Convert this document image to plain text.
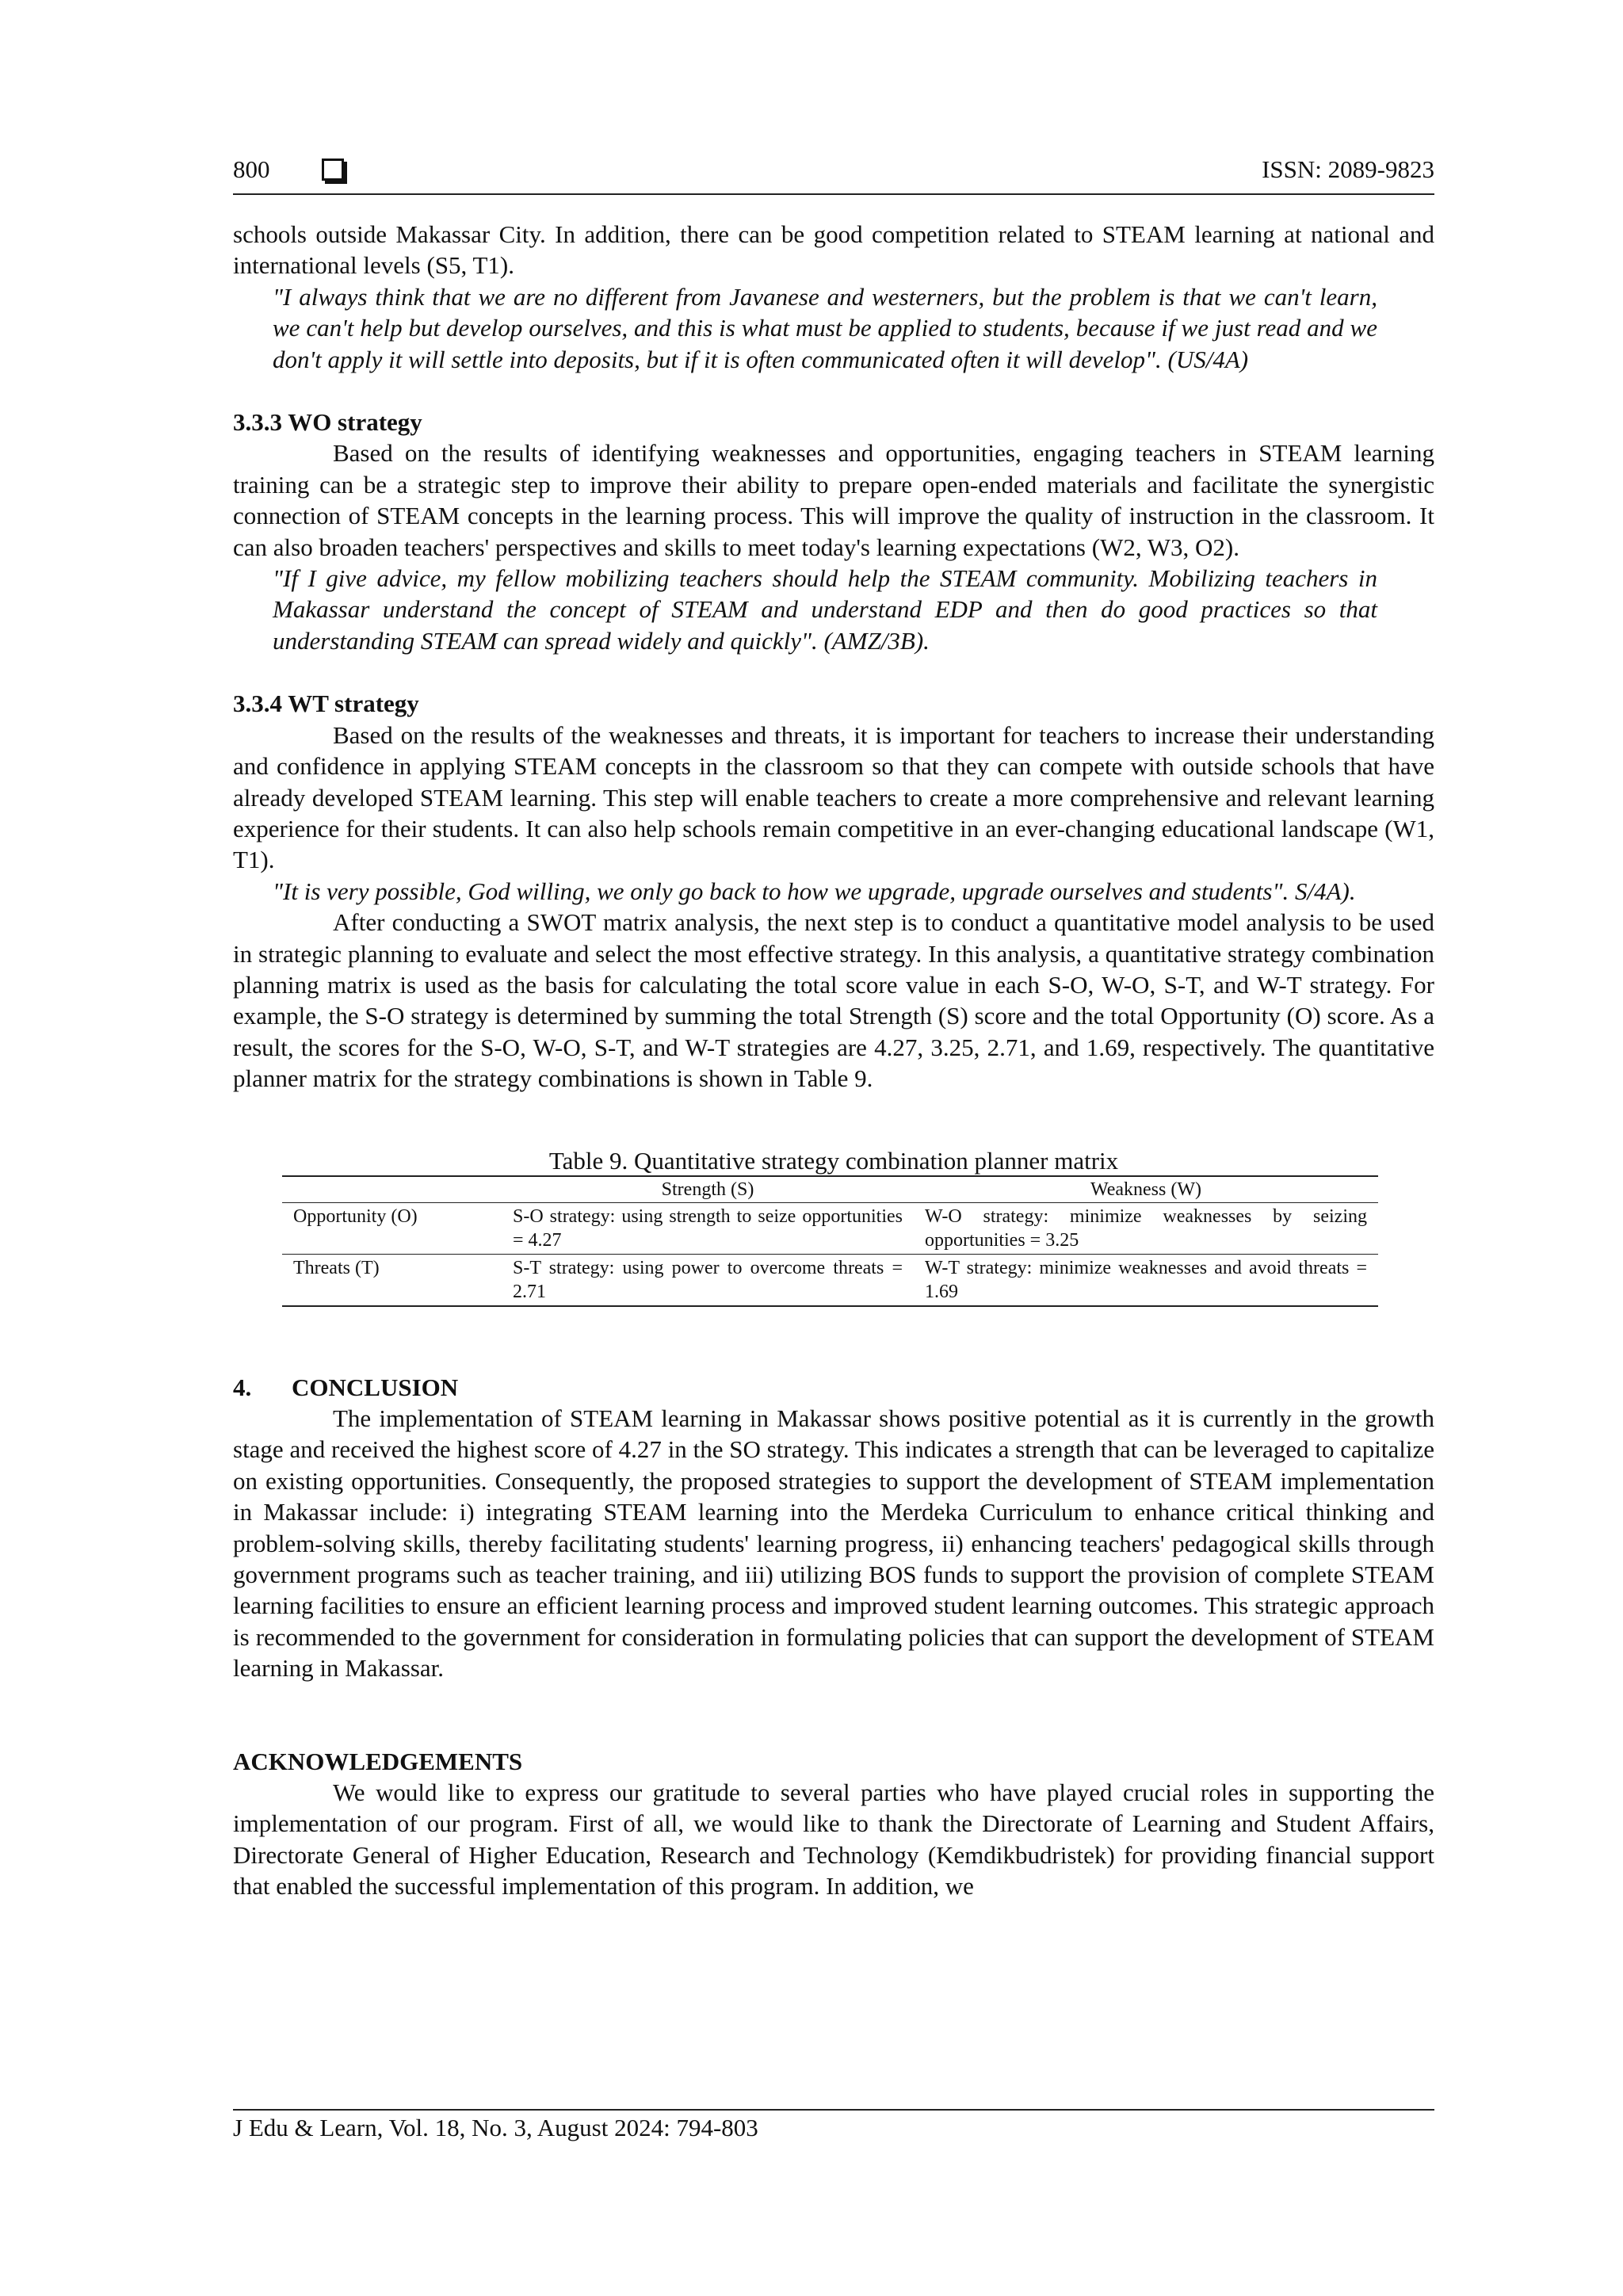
800	ISSN: 2089-9823

schools outside Makassar City. In addition, there can be good competition related to STEAM learning at national and international levels (S5, T1).

"I always think that we are no different from Javanese and westerners, but the problem is that we can't learn, we can't help but develop ourselves, and this is what must be applied to students, because if we just read and we don't apply it will settle into deposits, but if it is often communicated often it will develop". (US/4A)

3.3.3 WO strategy

Based on the results of identifying weaknesses and opportunities, engaging teachers in STEAM learning training can be a strategic step to improve their ability to prepare open-ended materials and facilitate the synergistic connection of STEAM concepts in the learning process. This will improve the quality of instruction in the classroom. It can also broaden teachers' perspectives and skills to meet today's learning expectations (W2, W3, O2).

"If I give advice, my fellow mobilizing teachers should help the STEAM community. Mobilizing teachers in Makassar understand the concept of STEAM and understand EDP and then do good practices so that understanding STEAM can spread widely and quickly". (AMZ/3B).

3.3.4 WT strategy

Based on the results of the weaknesses and threats, it is important for teachers to increase their understanding and confidence in applying STEAM concepts in the classroom so that they can compete with outside schools that have already developed STEAM learning. This step will enable teachers to create a more comprehensive and relevant learning experience for their students. It can also help schools remain competitive in an ever-changing educational landscape (W1, T1).

"It is very possible, God willing, we only go back to how we upgrade, upgrade ourselves and students". S/4A).

After conducting a SWOT matrix analysis, the next step is to conduct a quantitative model analysis to be used in strategic planning to evaluate and select the most effective strategy. In this analysis, a quantitative strategy combination planning matrix is used as the basis for calculating the total score value in each S-O, W-O, S-T, and W-T strategy. For example, the S-O strategy is determined by summing the total Strength (S) score and the total Opportunity (O) score. As a result, the scores for the S-O, W-O, S-T, and W-T strategies are 4.27, 3.25, 2.71, and 1.69, respectively. The quantitative planner matrix for the strategy combinations is shown in Table 9.

Table 9. Quantitative strategy combination planner matrix
	Strength (S)	Weakness (W)
Opportunity (O)	S-O strategy: using strength to seize opportunities = 4.27	W-O strategy: minimize weaknesses by seizing opportunities = 3.25
Threats (T)	S-T strategy: using power to overcome threats = 2.71	W-T strategy: minimize weaknesses and avoid threats = 1.69

4. CONCLUSION

The implementation of STEAM learning in Makassar shows positive potential as it is currently in the growth stage and received the highest score of 4.27 in the SO strategy. This indicates a strength that can be leveraged to capitalize on existing opportunities. Consequently, the proposed strategies to support the development of STEAM implementation in Makassar include: i) integrating STEAM learning into the Merdeka Curriculum to enhance critical thinking and problem-solving skills, thereby facilitating students' learning progress, ii) enhancing teachers' pedagogical skills through government programs such as teacher training, and iii) utilizing BOS funds to support the provision of complete STEAM learning facilities to ensure an efficient learning process and improved student learning outcomes. This strategic approach is recommended to the government for consideration in formulating policies that can support the development of STEAM learning in Makassar.

ACKNOWLEDGEMENTS

We would like to express our gratitude to several parties who have played crucial roles in supporting the implementation of our program. First of all, we would like to thank the Directorate of Learning and Student Affairs, Directorate General of Higher Education, Research and Technology (Kemdikbudristek) for providing financial support that enabled the successful implementation of this program. In addition, we

J Edu & Learn, Vol. 18, No. 3, August 2024: 794-803
